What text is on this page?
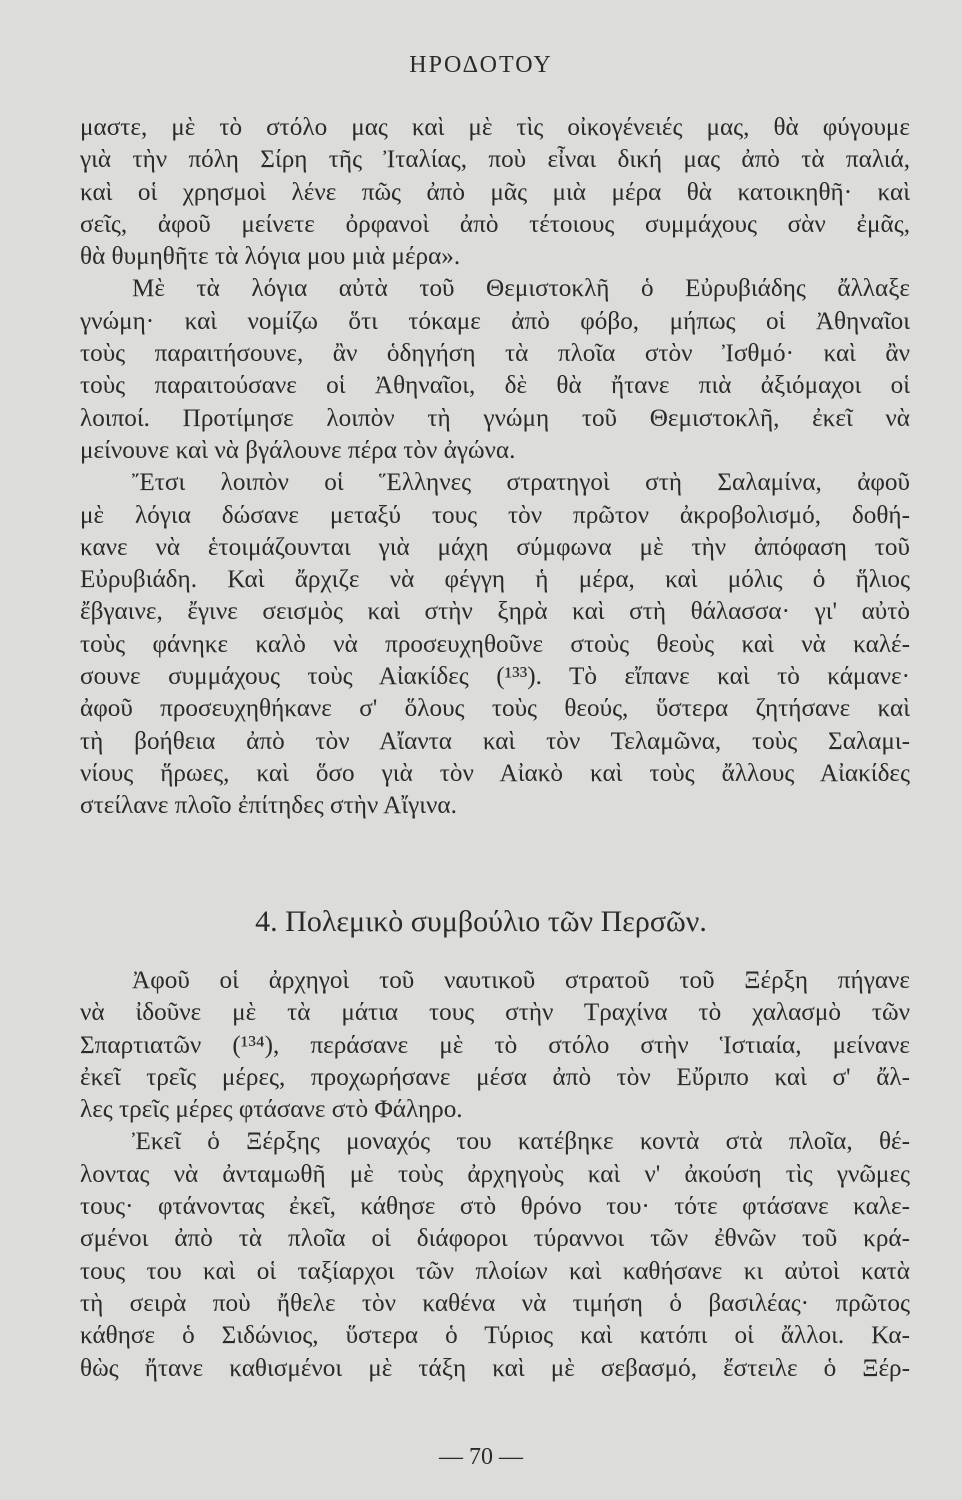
ΗΡΟΔΟΤΟΥ

μαστε, μὲ τὸ στόλο μας καὶ μὲ τὶς οἰκογένειές μας, θὰ φύγουμε
γιὰ τὴν πόλη Σίρη τῆς Ἰταλίας, ποὺ εἶναι δική μας ἀπὸ τὰ παλιά,
καὶ οἱ χρησμοὶ λένε πῶς ἀπὸ μᾶς μιὰ μέρα θὰ κατοικηθῆ· καὶ
σεῖς, ἀφοῦ μείνετε ὀρφανοὶ ἀπὸ τέτοιους συμμάχους σὰν ἐμᾶς,
θὰ θυμηθῆτε τὰ λόγια μου μιὰ μέρα».

Μὲ τὰ λόγια αὐτὰ τοῦ Θεμιστοκλῆ ὁ Εὐρυβιάδης ἄλλαξε
γνώμη· καὶ νομίζω ὅτι τόκαμε ἀπὸ φόβο, μήπως οἱ Ἀθηναῖοι
τοὺς παραιτήσουνε, ἂν ὁδηγήση τὰ πλοῖα στὸν Ἰσθμό· καὶ ἂν
τοὺς παραιτούσανε οἱ Ἀθηναῖοι, δὲ θὰ ἤτανε πιὰ ἀξιόμαχοι οἱ
λοιποί. Προτίμησε λοιπὸν τὴ γνώμη τοῦ Θεμιστοκλῆ, ἐκεῖ νὰ
μείνουνε καὶ νὰ βγάλουνε πέρα τὸν ἀγώνα.

Ἔτσι λοιπὸν οἱ Ἕλληνες στρατηγοὶ στὴ Σαλαμίνα, ἀφοῦ
μὲ λόγια δώσανε μεταξύ τους τὸν πρῶτον ἀκροβολισμό, δοθή-
κανε νὰ ἑτοιμάζουνται γιὰ μάχη σύμφωνα μὲ τὴν ἀπόφαση τοῦ
Εὐρυβιάδη. Καὶ ἄρχιζε νὰ φέγγη ἡ μέρα, καὶ μόλις ὁ ἥλιος
ἔβγαινε, ἔγινε σεισμὸς καὶ στὴν ξηρὰ καὶ στὴ θάλασσα· γι' αὐτὸ
τοὺς φάνηκε καλὸ νὰ προσευχηθοῦνε στοὺς θεοὺς καὶ νὰ καλέ-
σουνε συμμάχους τοὺς Αἰακίδες (¹³³). Τὸ εἴπανε καὶ τὸ κάμανε·
ἀφοῦ προσευχηθήκανε σ' ὅλους τοὺς θεούς, ὕστερα ζητήσανε καὶ
τὴ βοήθεια ἀπὸ τὸν Αἴαντα καὶ τὸν Τελαμῶνα, τοὺς Σαλαμι-
νίους ἥρωες, καὶ ὅσο γιὰ τὸν Αἰακὸ καὶ τοὺς ἄλλους Αἰακίδες
στείλανε πλοῖο ἐπίτηδες στὴν Αἴγινα.

4. Πολεμικὸ συμβούλιο τῶν Περσῶν.

Ἀφοῦ οἱ ἀρχηγοὶ τοῦ ναυτικοῦ στρατοῦ τοῦ Ξέρξη πήγανε
νὰ ἰδοῦνε μὲ τὰ μάτια τους στὴν Τραχίνα τὸ χαλασμὸ τῶν
Σπαρτιατῶν (¹³⁴), περάσανε μὲ τὸ στόλο στὴν Ἱστιαία, μείνανε
ἐκεῖ τρεῖς μέρες, προχωρήσανε μέσα ἀπὸ τὸν Εὔριπο καὶ σ' ἄλ-
λες τρεῖς μέρες φτάσανε στὸ Φάληρο.

Ἐκεῖ ὁ Ξέρξης μοναχός του κατέβηκε κοντὰ στὰ πλοῖα, θέ-
λοντας νὰ ἀνταμωθῆ μὲ τοὺς ἀρχηγοὺς καὶ ν' ἀκούση τὶς γνῶμες
τους· φτάνοντας ἐκεῖ, κάθησε στὸ θρόνο του· τότε φτάσανε καλε-
σμένοι ἀπὸ τὰ πλοῖα οἱ διάφοροι τύραννοι τῶν ἐθνῶν τοῦ κρά-
τους του καὶ οἱ ταξίαρχοι τῶν πλοίων καὶ καθήσανε κι αὐτοὶ κατὰ
τὴ σειρὰ ποὺ ἤθελε τὸν καθένα νὰ τιμήση ὁ βασιλέας· πρῶτος
κάθησε ὁ Σιδώνιος, ὕστερα ὁ Τύριος καὶ κατόπι οἱ ἄλλοι. Κα-
θὼς ἤτανε καθισμένοι μὲ τάξη καὶ μὲ σεβασμό, ἔστειλε ὁ Ξέρ-

— 70 —
